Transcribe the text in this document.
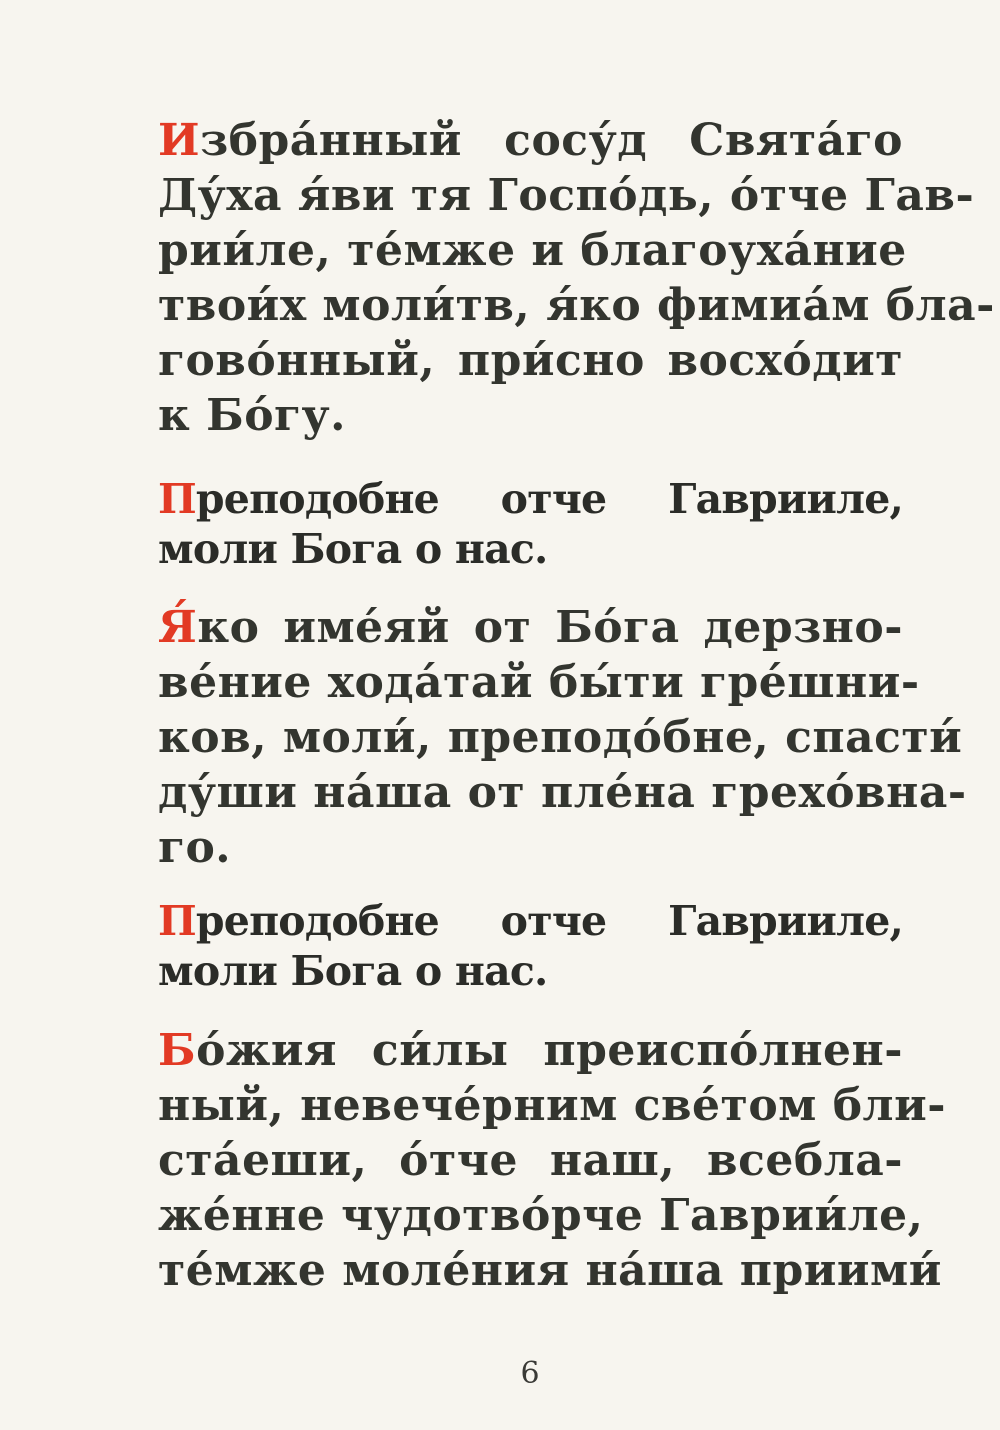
Избра́нный сосу́д Свята́го
Ду́ха я́ви тя Госпо́дь, о́тче Гав-
рии́ле, те́мже и благоуха́ние
твои́х моли́тв, я́ко фимиа́м бла-
гово́нный, при́сно восхо́дит
к Бо́гу.
Преподобне отче Гавриилe,
моли Бога о нас.
Я́ко име́яй от Бо́га дерзно-
ве́ние хода́тай бы́ти гре́шни-
ков, моли́, преподо́бне, спасти́
ду́ши на́ша от пле́на грехо́вна-
го.
Преподобне отче Гавриилe,
моли Бога о нас.
Бо́жия си́лы преиспо́лнен-
ный, невече́рним све́том бли-
ста́еши, о́тче наш, всебла-
же́нне чудотво́рче Гаврии́ле,
те́мже моле́ния на́ша приими́
6
